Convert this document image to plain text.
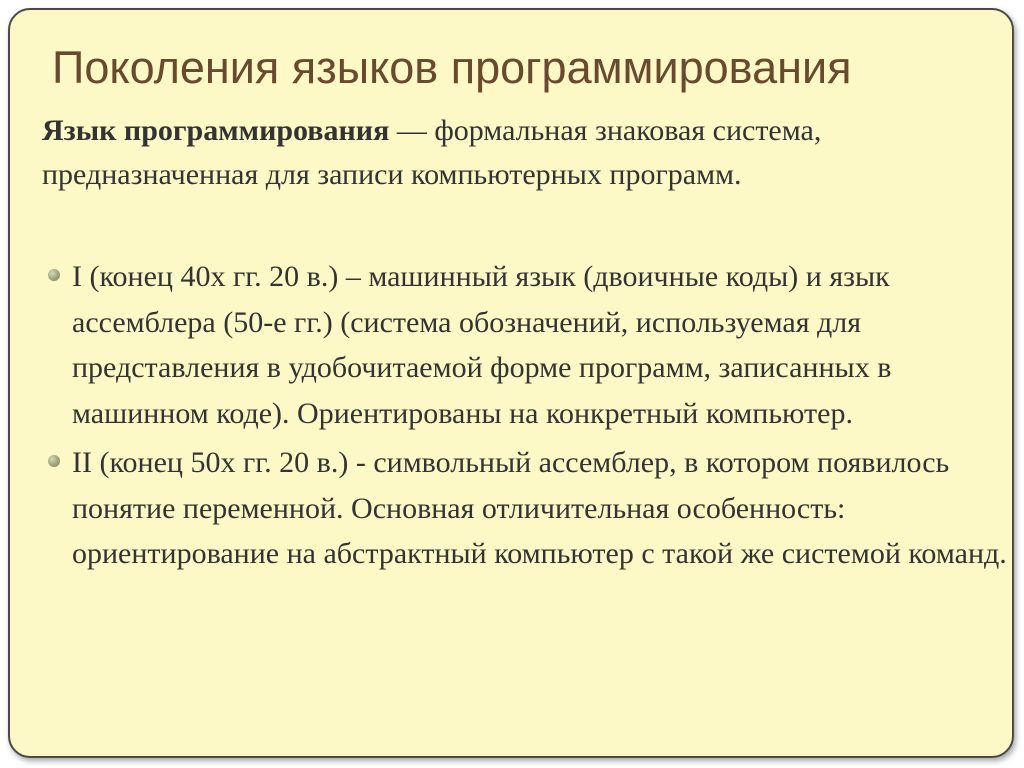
Поколения языков программирования

Язык программирования — формальная знаковая система, предназначенная для записи компьютерных программ.

I (конец 40х гг. 20 в.) – машинный язык (двоичные коды) и язык ассемблера (50-е гг.) (система обозначений, используемая для представления в удобочитаемой форме программ, записанных в машинном коде). Ориентированы на конкретный компьютер.
II (конец 50х гг. 20 в.) - символьный ассемблер, в котором появилось понятие переменной. Основная отличительная особенность: ориентирование на абстрактный компьютер с такой же системой команд.
